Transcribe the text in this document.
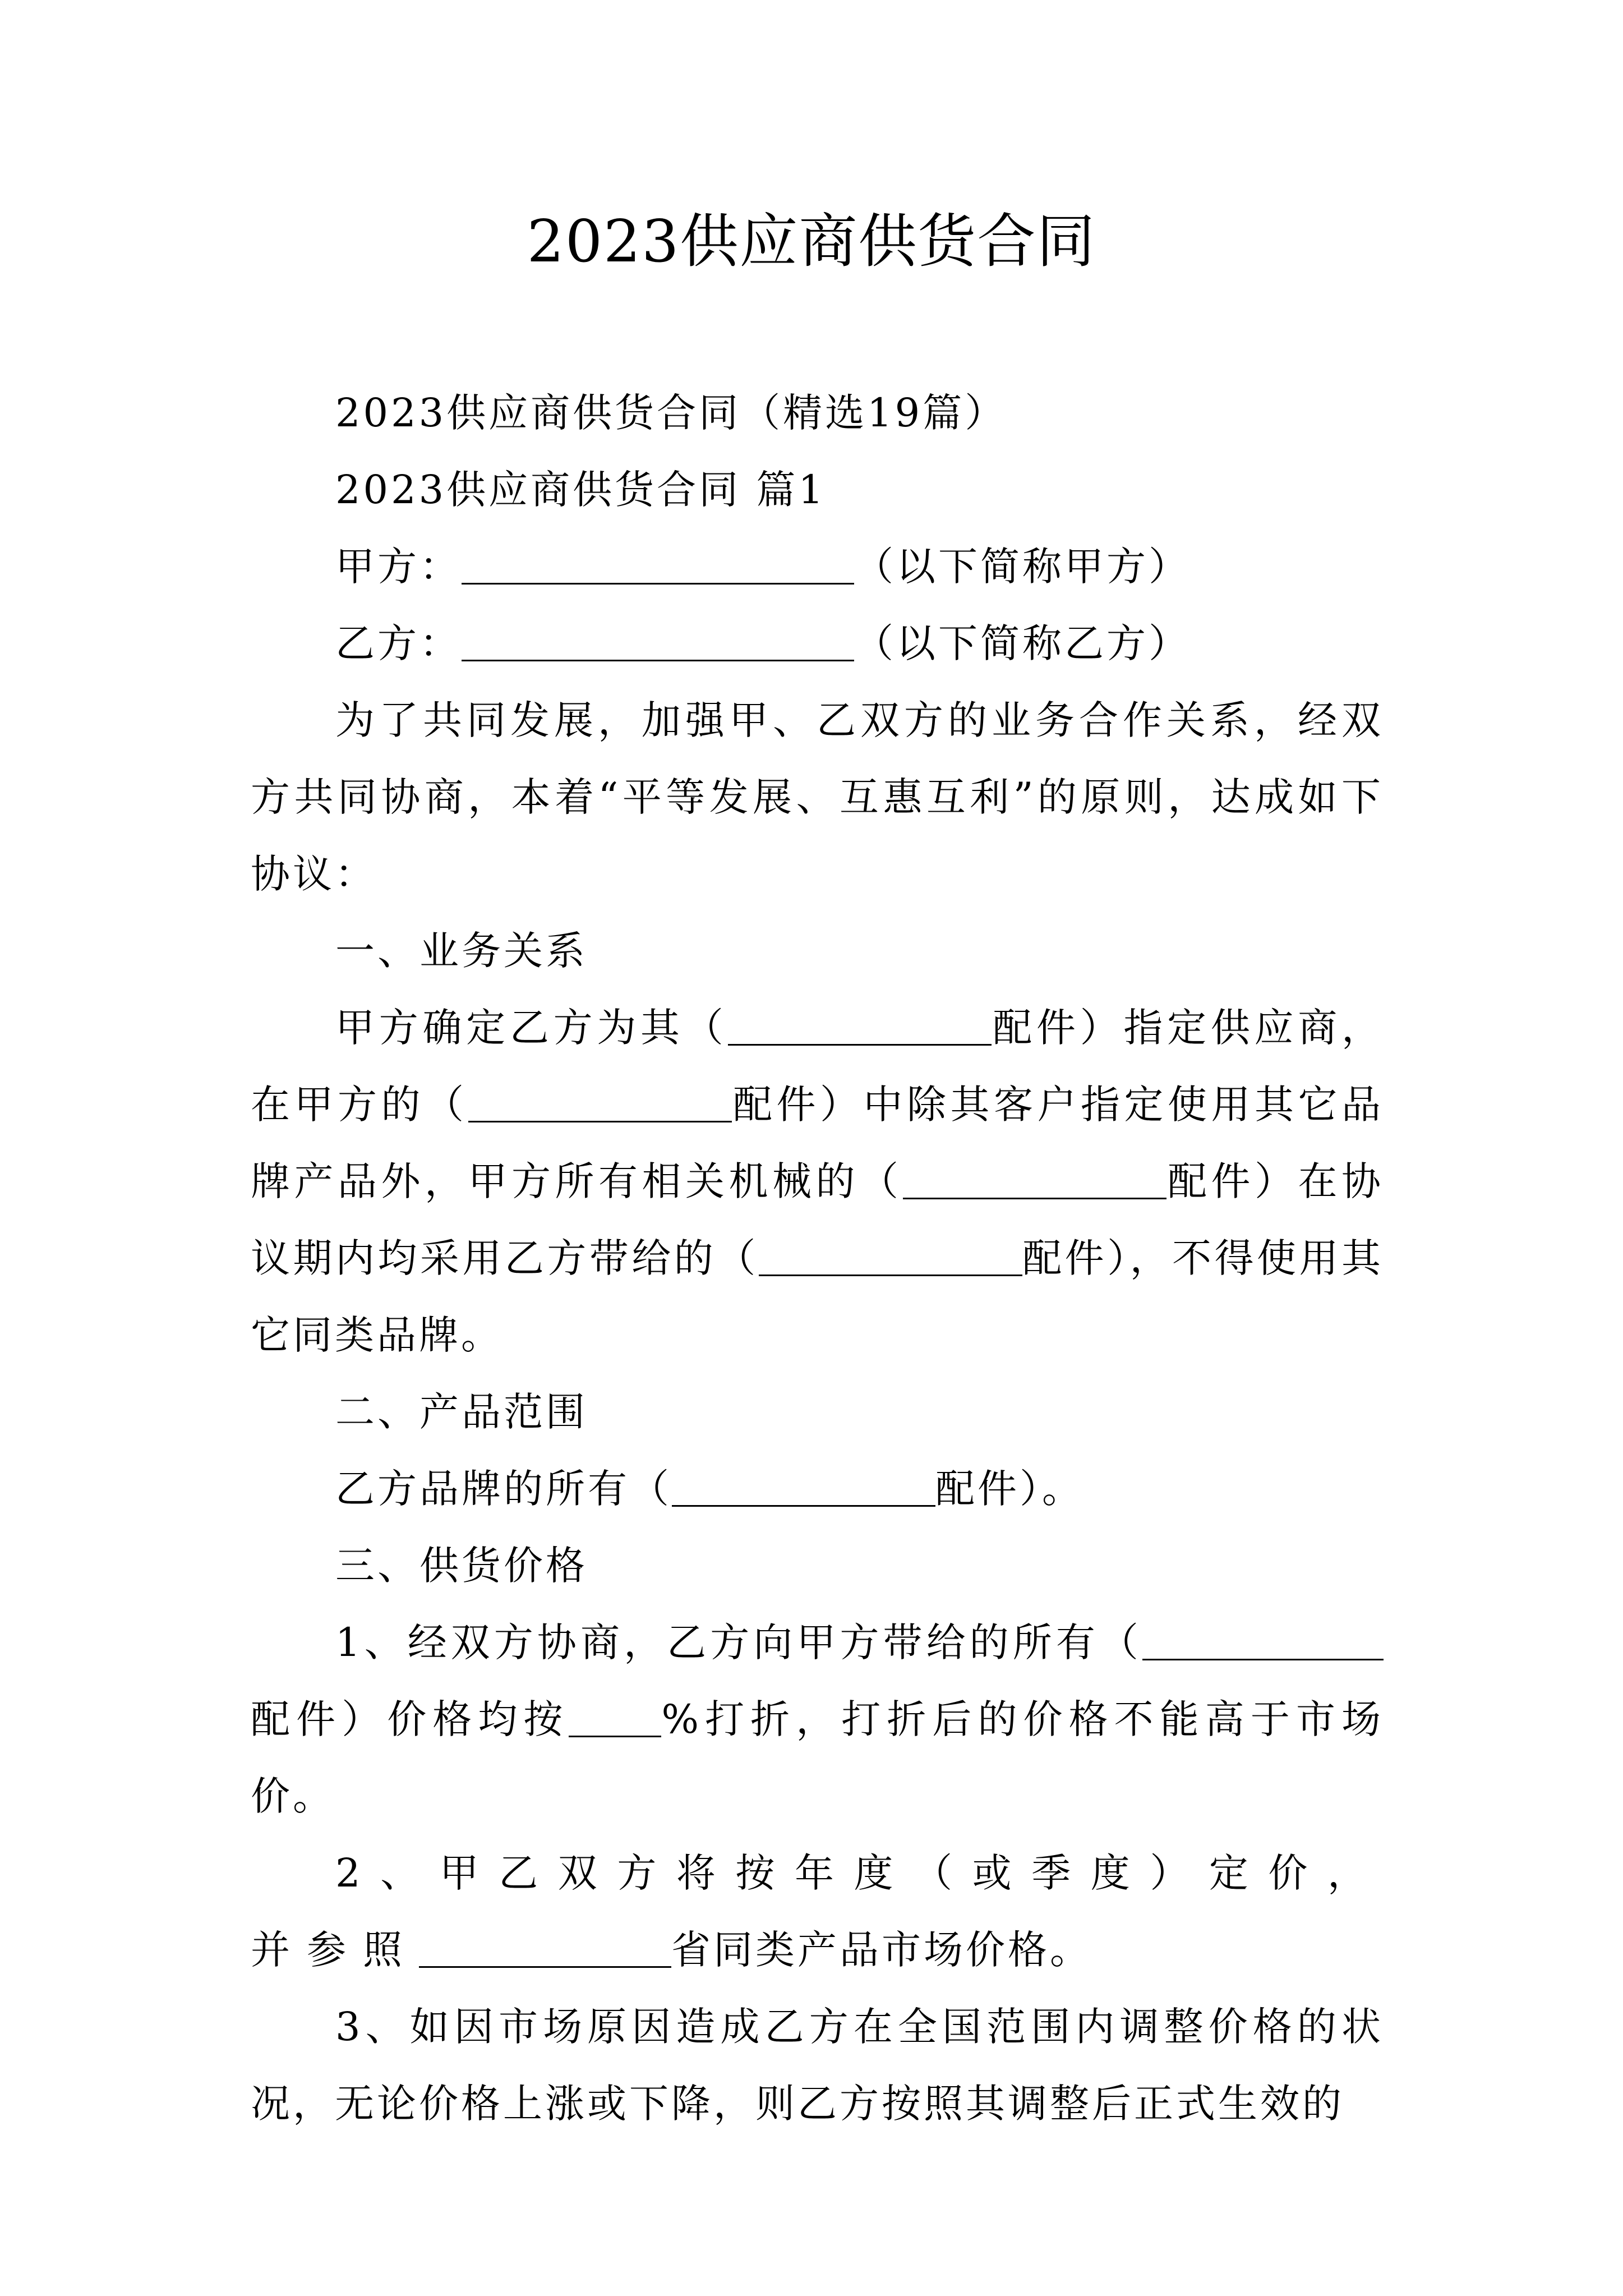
2023供应商供货合同

2023供应商供货合同（精选19篇）

2023供应商供货合同 篇1

甲方：	（以下简称甲方）

乙方：	（以下简称乙方）

为了共同发展，加强甲、乙双方的业务合作关系，经双方共同协商，本着“平等发展、互惠互利”的原则，达成如下协议：

一、业务关系

甲方确定乙方为其（	配件）指定供应商，在甲方的（	配件）中除其客户指定使用其它品牌产品外，甲方所有相关机械的（	配件）在协议期内均采用乙方带给的（	配件），不得使用其它同类品牌。

二、产品范围

乙方品牌的所有（	配件）。

三、供货价格

1、经双方协商，乙方向甲方带给的所有（配件）价格均按 %打折，打折后的价格不能高于市场价。

2、甲乙双方将按年度（或季度）定价，并参照	省同类产品市场价格。

3、如因市场原因造成乙方在全国范围内调整价格的状况，无论价格上涨或下降，则乙方按照其调整后正式生效的
